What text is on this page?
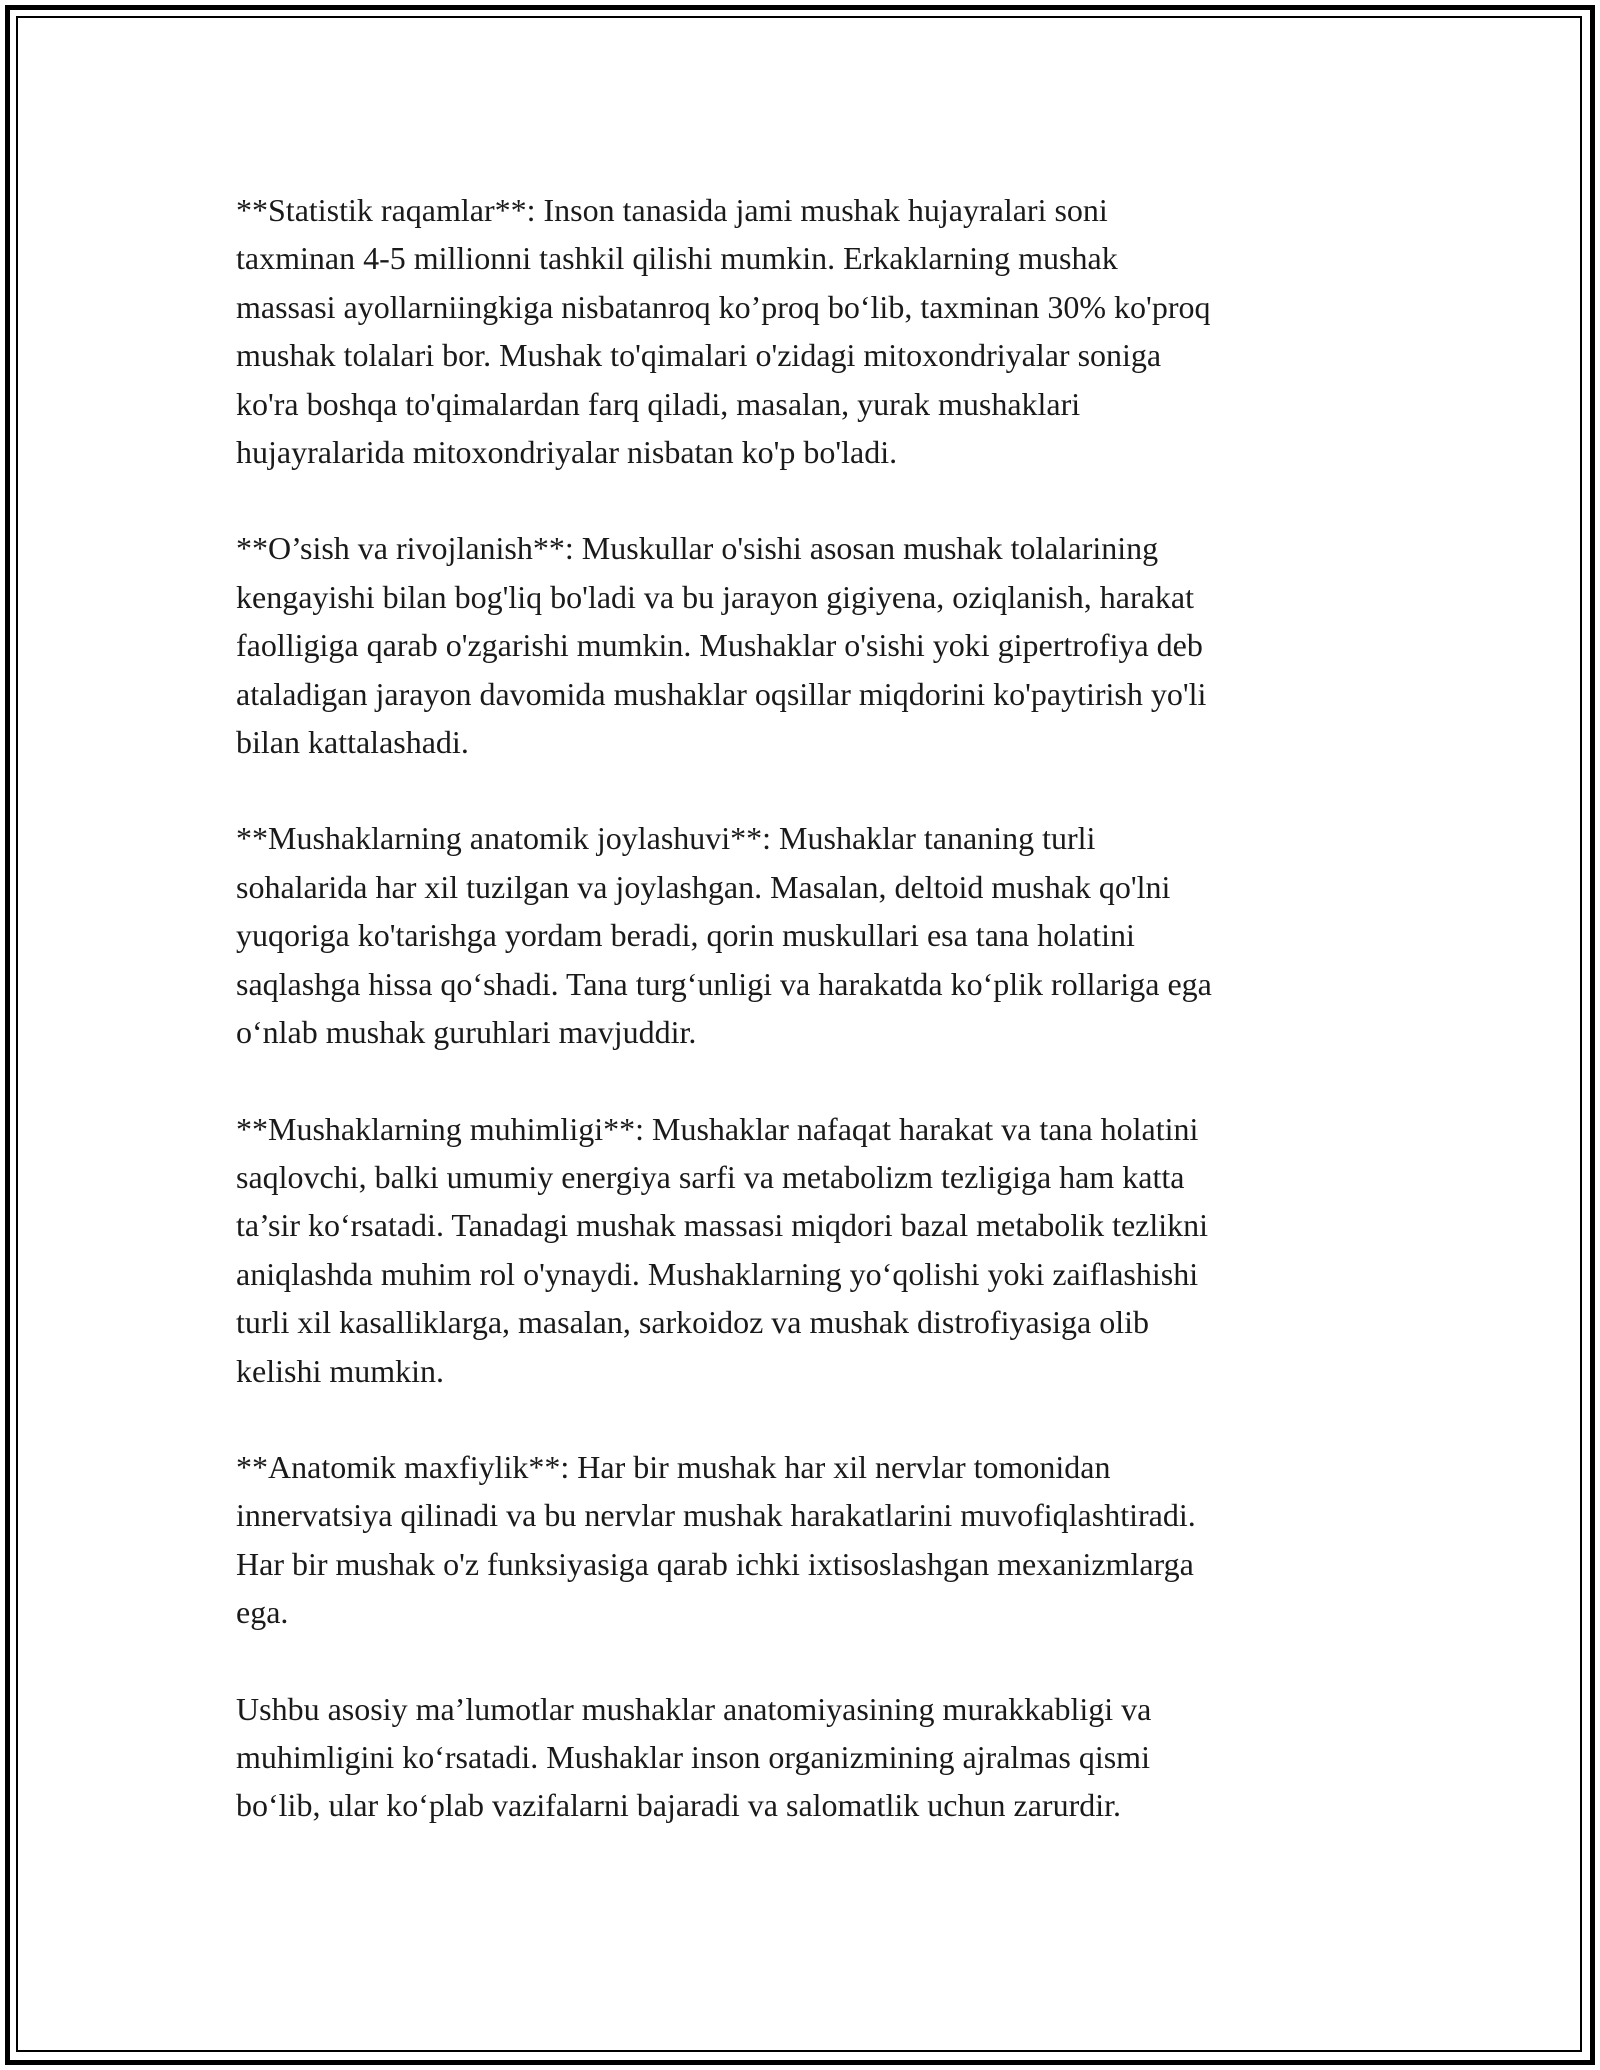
**Statistik raqamlar**: Inson tanasida jami mushak hujayralari soni
taxminan 4-5 millionni tashkil qilishi mumkin. Erkaklarning mushak
massasi ayollarniingkiga nisbatanroq ko’proq bo‘lib, taxminan 30% ko'proq
mushak tolalari bor. Mushak to'qimalari o'zidagi mitoxondriyalar soniga
ko'ra boshqa to'qimalardan farq qiladi, masalan, yurak mushaklari
hujayralarida mitoxondriyalar nisbatan ko'p bo'ladi.

**O’sish va rivojlanish**: Muskullar o'sishi asosan mushak tolalarining
kengayishi bilan bog'liq bo'ladi va bu jarayon gigiyena, oziqlanish, harakat
faolligiga qarab o'zgarishi mumkin. Mushaklar o'sishi yoki gipertrofiya deb
ataladigan jarayon davomida mushaklar oqsillar miqdorini ko'paytirish yo'li
bilan kattalashadi.

**Mushaklarning anatomik joylashuvi**: Mushaklar tananing turli
sohalarida har xil tuzilgan va joylashgan. Masalan, deltoid mushak qo'lni
yuqoriga ko'tarishga yordam beradi, qorin muskullari esa tana holatini
saqlashga hissa qo‘shadi. Tana turg‘unligi va harakatda ko‘plik rollariga ega
o‘nlab mushak guruhlari mavjuddir.

**Mushaklarning muhimligi**: Mushaklar nafaqat harakat va tana holatini
saqlovchi, balki umumiy energiya sarfi va metabolizm tezligiga ham katta
ta’sir ko‘rsatadi. Tanadagi mushak massasi miqdori bazal metabolik tezlikni
aniqlashda muhim rol o'ynaydi. Mushaklarning yo‘qolishi yoki zaiflashishi
turli xil kasalliklarga, masalan, sarkoidoz va mushak distrofiyasiga olib
kelishi mumkin.

**Anatomik maxfiylik**: Har bir mushak har xil nervlar tomonidan
innervatsiya qilinadi va bu nervlar mushak harakatlarini muvofiqlashtiradi.
Har bir mushak o'z funksiyasiga qarab ichki ixtisoslashgan mexanizmlarga
ega.

Ushbu asosiy ma’lumotlar mushaklar anatomiyasining murakkabligi va
muhimligini ko‘rsatadi. Mushaklar inson organizmining ajralmas qismi
bo‘lib, ular ko‘plab vazifalarni bajaradi va salomatlik uchun zarurdir.
